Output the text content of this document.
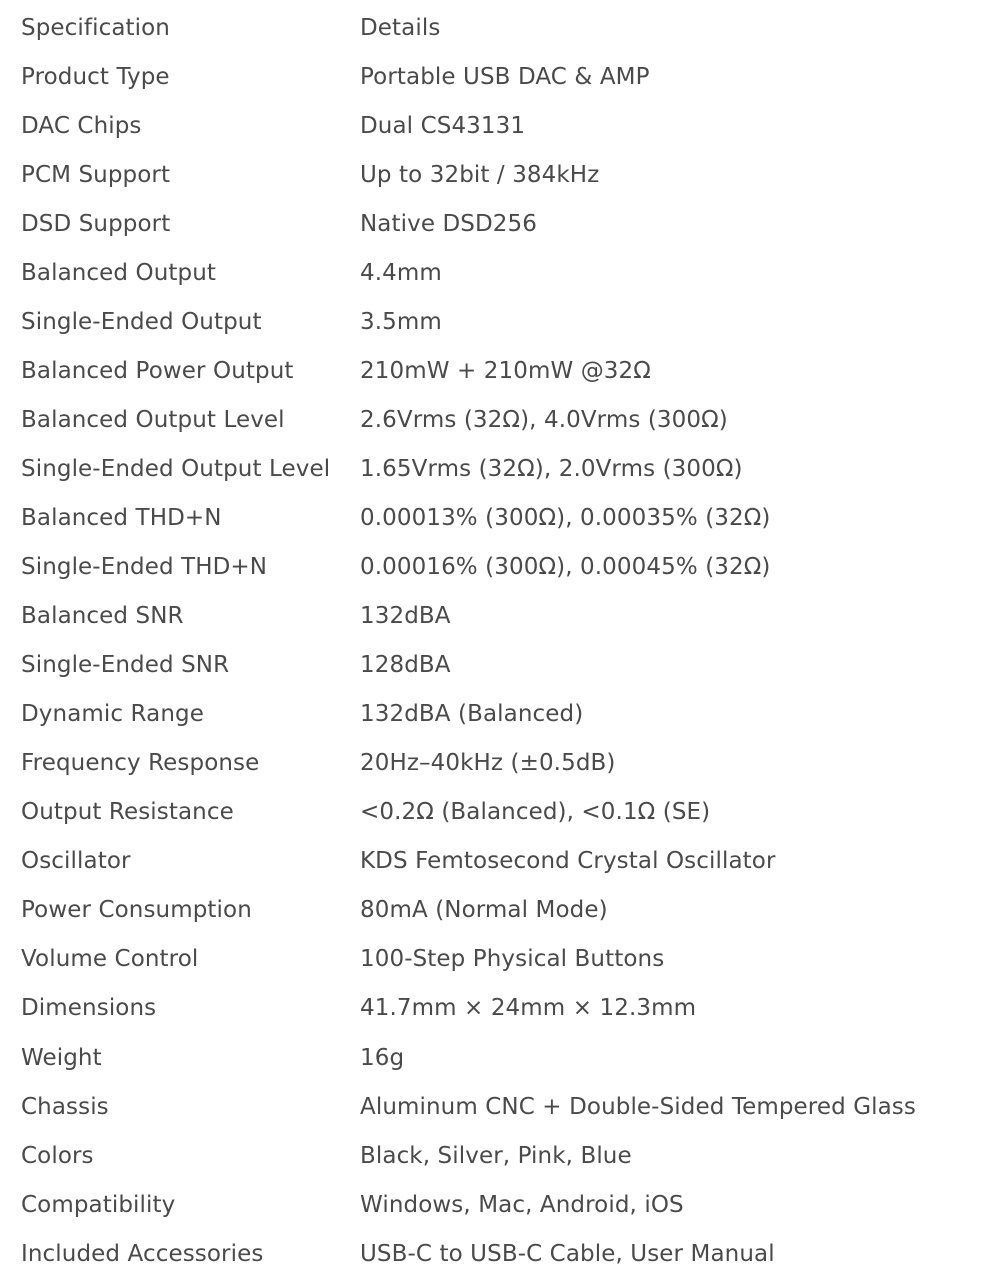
Specification	Details
Product Type	Portable USB DAC & AMP
DAC Chips	Dual CS43131
PCM Support	Up to 32bit / 384kHz
DSD Support	Native DSD256
Balanced Output	4.4mm
Single-Ended Output	3.5mm
Balanced Power Output	210mW + 210mW @32Ω
Balanced Output Level	2.6Vrms (32Ω), 4.0Vrms (300Ω)
Single-Ended Output Level	1.65Vrms (32Ω), 2.0Vrms (300Ω)
Balanced THD+N	0.00013% (300Ω), 0.00035% (32Ω)
Single-Ended THD+N	0.00016% (300Ω), 0.00045% (32Ω)
Balanced SNR	132dBA
Single-Ended SNR	128dBA
Dynamic Range	132dBA (Balanced)
Frequency Response	20Hz–40kHz (±0.5dB)
Output Resistance	<0.2Ω (Balanced), <0.1Ω (SE)
Oscillator	KDS Femtosecond Crystal Oscillator
Power Consumption	80mA (Normal Mode)
Volume Control	100-Step Physical Buttons
Dimensions	41.7mm × 24mm × 12.3mm
Weight	16g
Chassis	Aluminum CNC + Double-Sided Tempered Glass
Colors	Black, Silver, Pink, Blue
Compatibility	Windows, Mac, Android, iOS
Included Accessories	USB-C to USB-C Cable, User Manual
